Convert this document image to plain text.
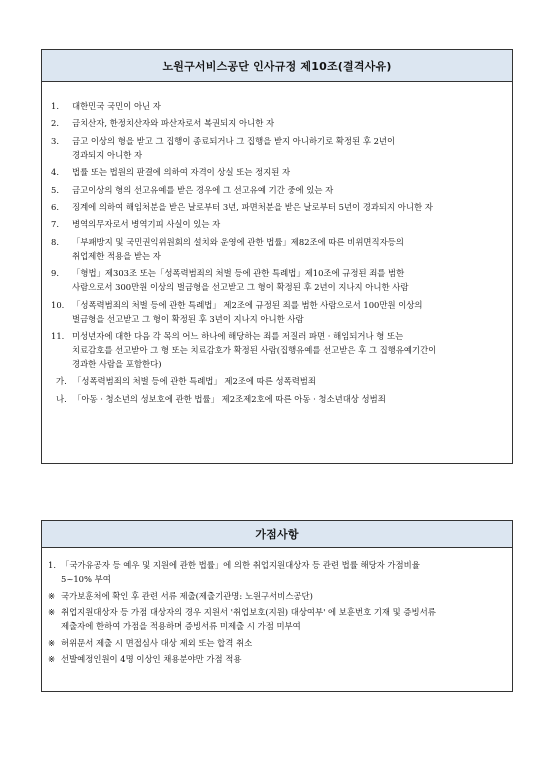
노원구서비스공단 인사규정 제10조(결격사유)
1. 대한민국 국민이 아닌 자
2. 금치산자, 한정치산자와 파산자로서 복권되지 아니한 자
3. 금고 이상의 형을 받고 그 집행이 종료되거나 그 집행을 받지 아니하기로 확정된 후 2년이
경과되지 아니한 자
4. 법률 또는 법원의 판결에 의하여 자격이 상실 또는 정지된 자
5. 금고이상의 형의 선고유예를 받은 경우에 그 선고유예 기간 중에 있는 자
6. 징계에 의하여 해임처분을 받은 날로부터 3년, 파면처분을 받은 날로부터 5년이 경과되지 아니한 자
7. 병역의무자로서 병역기피 사실이 있는 자
8. 「부패방지 및 국민권익위원회의 설치와 운영에 관한 법률」제82조에 따른 비위면직자등의
취업제한 적용을 받는 자
9. 「형법」제303조 또는「성폭력범죄의 처벌 등에 관한 특례법」제10조에 규정된 죄를 범한
사람으로서 300만원 이상의 벌금형을 선고받고 그 형이 확정된 후 2년이 지나지 아니한 사람
10. 「성폭력범죄의 처벌 등에 관한 특례법」 제2조에 규정된 죄를 범한 사람으로서 100만원 이상의
벌금형을 선고받고 그 형이 확정된 후 3년이 지나지 아니한 사람
11. 미성년자에 대한 다음 각 목의 어느 하나에 해당하는 죄를 저질러 파면 · 해임되거나 형 또는
치료감호를 선고받아 그 형 또는 치료감호가 확정된 사람(집행유예를 선고받은 후 그 집행유예기간이
경과한 사람을 포함한다)
가. 「성폭력범죄의 처벌 등에 관한 특례법」 제2조에 따른 성폭력범죄
나. 「아동 · 청소년의 성보호에 관한 법률」 제2조제2호에 따른 아동 · 청소년대상 성범죄
가점사항
1. 「국가유공자 등 예우 및 지원에 관한 법률」에 의한 취업지원대상자 등 관련 법률 해당자 가점비율
5~10% 부여
※ 국가보훈처에 확인 후 관련 서류 제출(제출기관명: 노원구서비스공단)
※ 취업지원대상자 등 가점 대상자의 경우 지원서 '취업보호(지원) 대상여부' 에 보훈번호 기재 및 증빙서류
제출자에 한하여 가점을 적용하며 증빙서류 미제출 시 가점 미부여
※ 허위문서 제출 시 면접심사 대상 제외 또는 합격 취소
※ 선발예정인원이 4명 이상인 채용분야만 가점 적용
